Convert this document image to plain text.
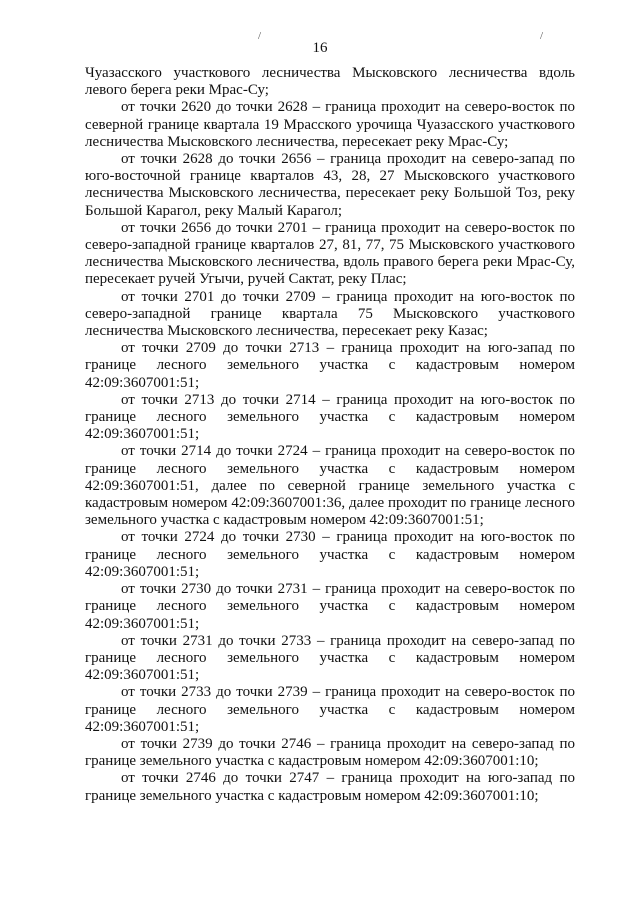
/	/
16

Чуазасского участкового лесничества Мысковского лесничества вдоль левого берега реки Мрас-Су;

от точки 2620 до точки 2628 – граница проходит на северо-восток по северной границе квартала 19 Мрасского урочища Чуазасского участкового лесничества Мысковского лесничества, пересекает реку Мрас-Су;

от точки 2628 до точки 2656 – граница проходит на северо-запад по юго-восточной границе кварталов 43, 28, 27 Мысковского участкового лесничества Мысковского лесничества, пересекает реку Большой Тоз, реку Большой Карагол, реку Малый Карагол;

от точки 2656 до точки 2701 – граница проходит на северо-восток по северо-западной границе кварталов 27, 81, 77, 75 Мысковского участкового лесничества Мысковского лесничества, вдоль правого берега реки Мрас-Су, пересекает ручей Угычи, ручей Сактат, реку Плас;

от точки 2701 до точки 2709 – граница проходит на юго-восток по северо-западной границе квартала 75 Мысковского участкового лесничества Мысковского лесничества, пересекает реку Казас;

от точки 2709 до точки 2713 – граница проходит на юго-запад по границе лесного земельного участка с кадастровым номером 42:09:3607001:51;

от точки 2713 до точки 2714 – граница проходит на юго-восток по границе лесного земельного участка с кадастровым номером 42:09:3607001:51;

от точки 2714 до точки 2724 – граница проходит на северо-восток по границе лесного земельного участка с кадастровым номером 42:09:3607001:51, далее по северной границе земельного участка с кадастровым номером 42:09:3607001:36, далее проходит по границе лесного земельного участка с кадастровым номером 42:09:3607001:51;

от точки 2724 до точки 2730 – граница проходит на юго-восток по границе лесного земельного участка с кадастровым номером 42:09:3607001:51;

от точки 2730 до точки 2731 – граница проходит на северо-восток по границе лесного земельного участка с кадастровым номером 42:09:3607001:51;

от точки 2731 до точки 2733 – граница проходит на северо-запад по границе лесного земельного участка с кадастровым номером 42:09:3607001:51;

от точки 2733 до точки 2739 – граница проходит на северо-восток по границе лесного земельного участка с кадастровым номером 42:09:3607001:51;

от точки 2739 до точки 2746 – граница проходит на северо-запад по границе земельного участка с кадастровым номером 42:09:3607001:10;

от точки 2746 до точки 2747 – граница проходит на юго-запад по границе земельного участка с кадастровым номером 42:09:3607001:10;
